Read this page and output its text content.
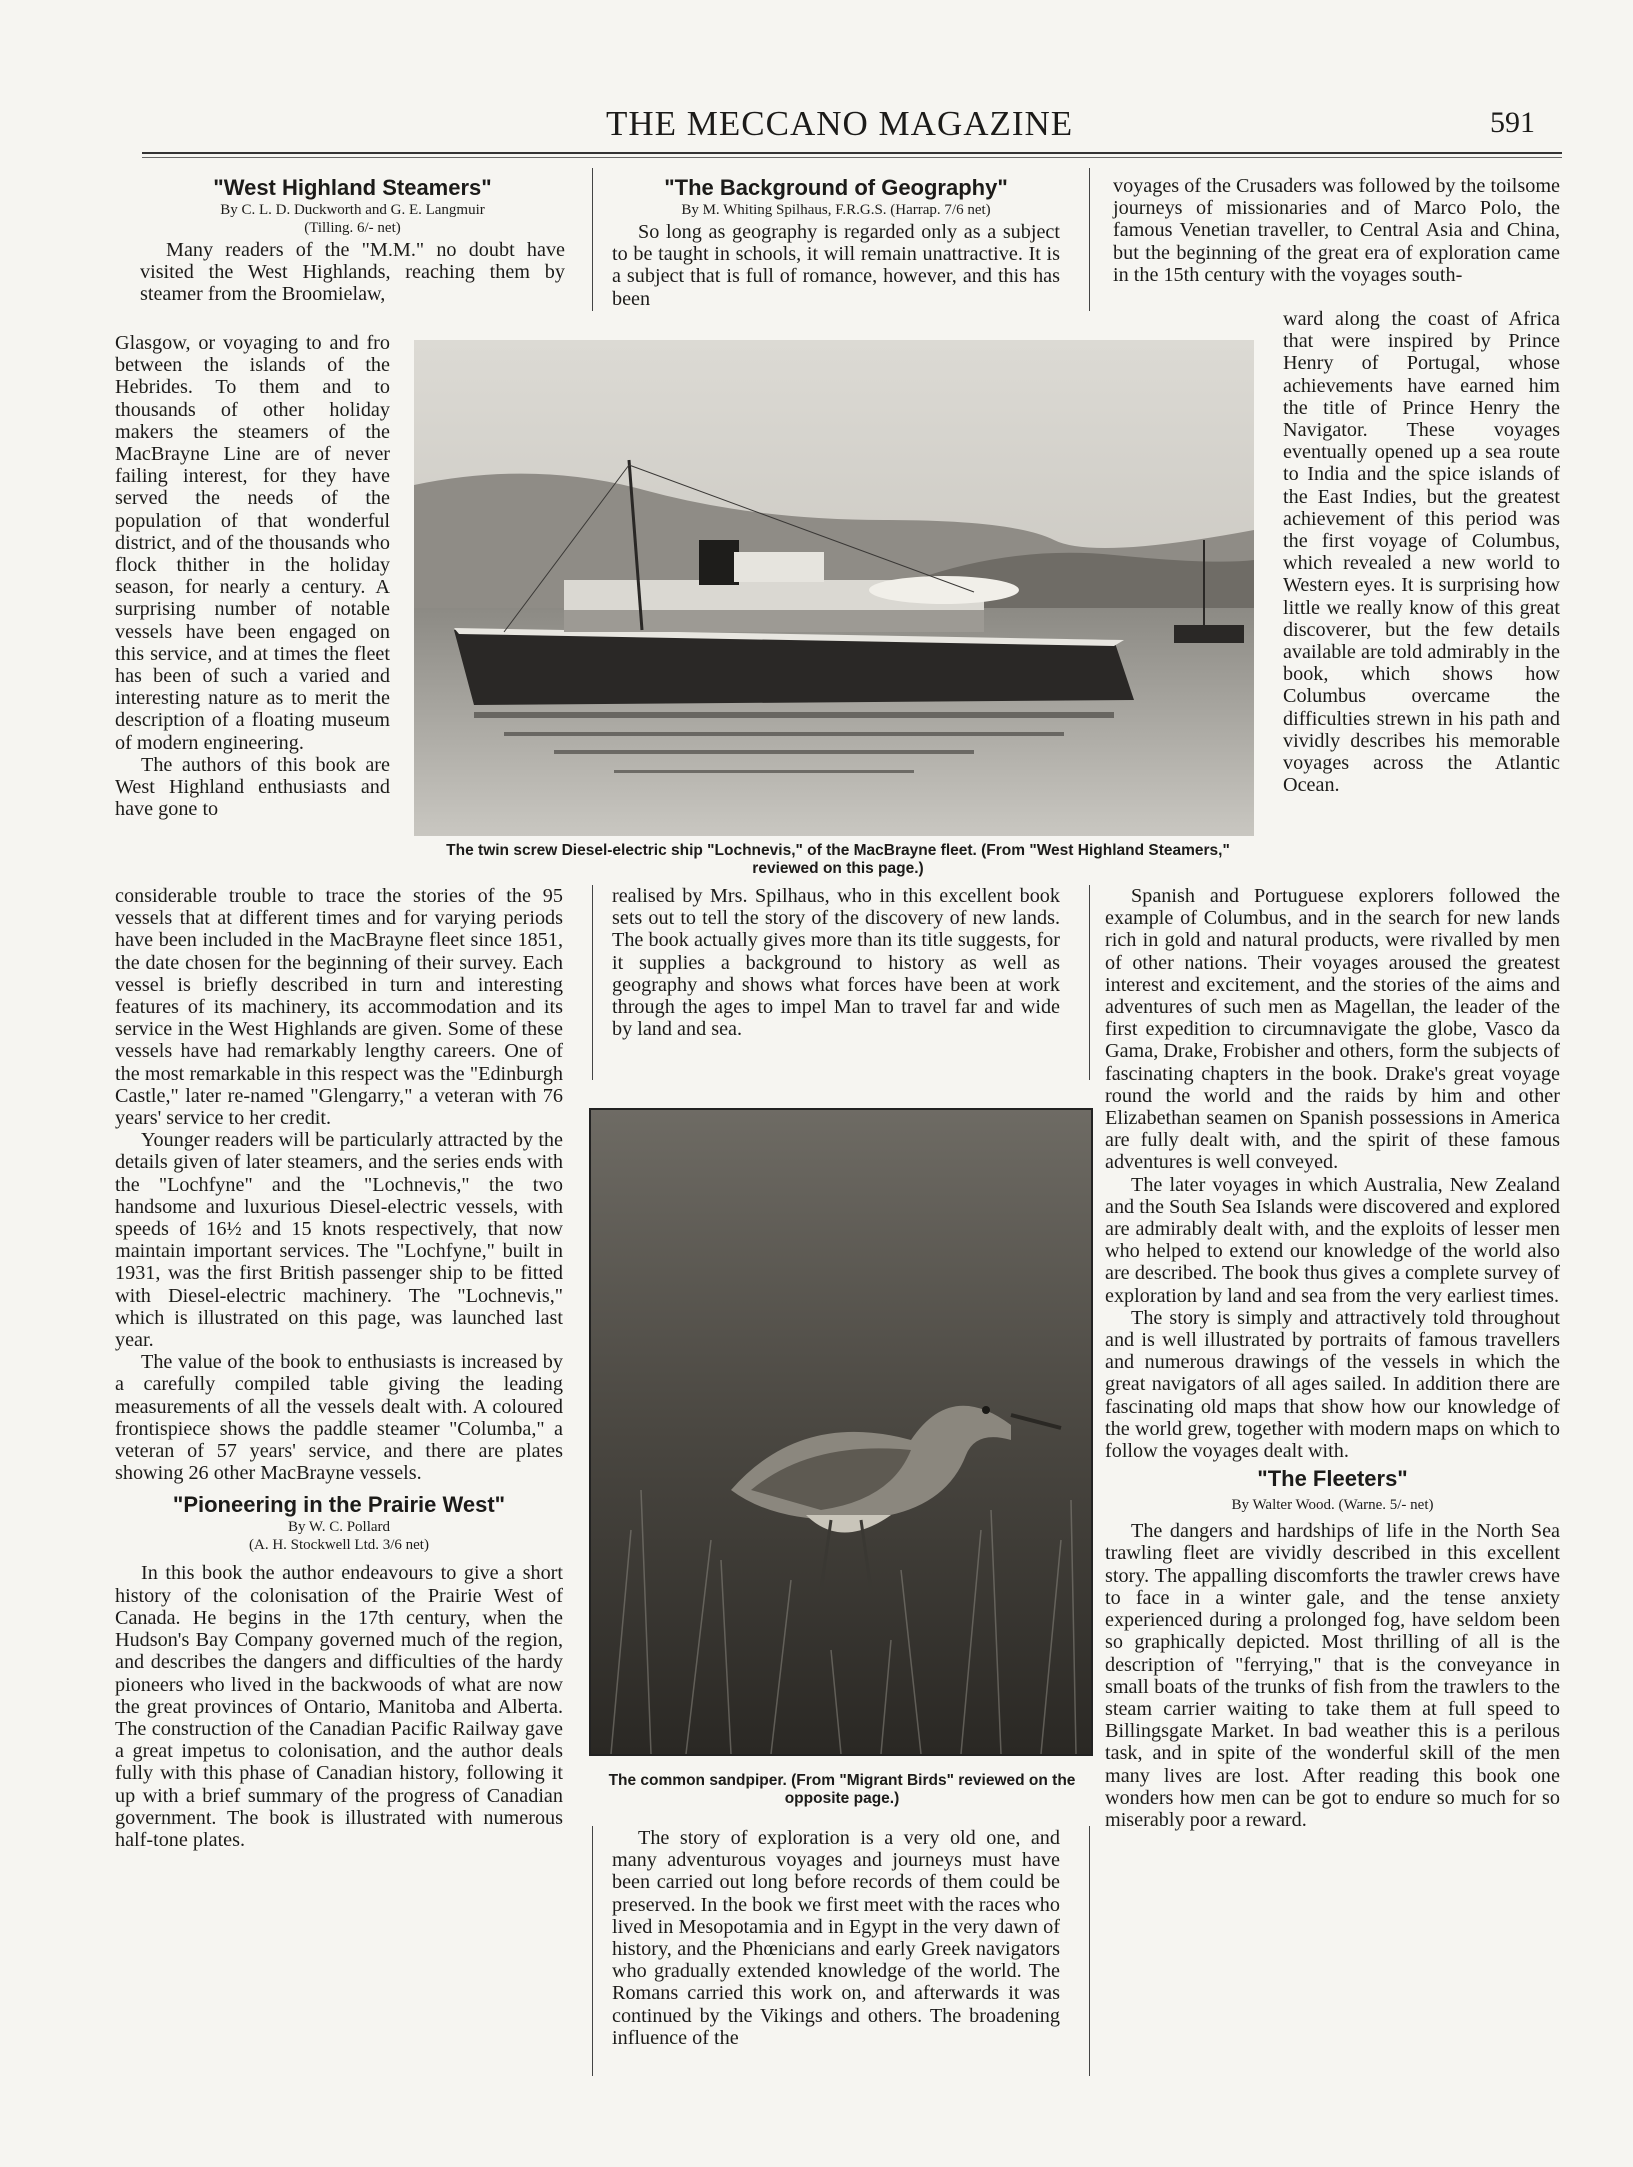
THE MECCANO MAGAZINE	591
"West Highland Steamers"
By C. L. D. Duckworth and G. E. Langmuir
(Tilling. 6/- net)

Many readers of the "M.M." no doubt have visited the West Highlands, reaching them by steamer from the Broomielaw,

Glasgow, or voyaging to and fro between the islands of the Hebrides. To them and to thousands of other holiday makers the steamers of the MacBrayne Line are of never failing interest, for they have served the needs of the population of that wonderful district, and of the thousands who flock thither in the holiday season, for nearly a century. A surprising number of notable vessels have been engaged on this service, and at times the fleet has been of such a varied and interesting nature as to merit the description of a floating museum of modern engineering.

The authors of this book are West Highland enthusiasts and have gone to

considerable trouble to trace the stories of the 95 vessels that at different times and for varying periods have been included in the MacBrayne fleet since 1851, the date chosen for the beginning of their survey. Each vessel is briefly described in turn and interesting features of its machinery, its accommodation and its service in the West Highlands are given. Some of these vessels have had remarkably lengthy careers. One of the most remarkable in this respect was the "Edinburgh Castle," later re-named "Glengarry," a veteran with 76 years' service to her credit.

Younger readers will be particularly attracted by the details given of later steamers, and the series ends with the "Lochfyne" and the "Lochnevis," the two handsome and luxurious Diesel-electric vessels, with speeds of 16½ and 15 knots respectively, that now maintain important services. The "Lochfyne," built in 1931, was the first British passenger ship to be fitted with Diesel-electric machinery. The "Lochnevis," which is illustrated on this page, was launched last year.

The value of the book to enthusiasts is increased by a carefully compiled table giving the leading measurements of all the vessels dealt with. A coloured frontispiece shows the paddle steamer "Columba," a veteran of 57 years' service, and there are plates showing 26 other MacBrayne vessels.

"Pioneering in the Prairie West"
By W. C. Pollard
(A. H. Stockwell Ltd. 3/6 net)

In this book the author endeavours to give a short history of the colonisation of the Prairie West of Canada. He begins in the 17th century, when the Hudson's Bay Company governed much of the region, and describes the dangers and difficulties of the hardy pioneers who lived in the backwoods of what are now the great provinces of Ontario, Manitoba and Alberta. The construction of the Canadian Pacific Railway gave a great impetus to colonisation, and the author deals fully with this phase of Canadian history, following it up with a brief summary of the progress of Canadian government. The book is illustrated with numerous half-tone plates.

"The Background of Geography"
By M. Whiting Spilhaus, F.R.G.S. (Harrap. 7/6 net)

So long as geography is regarded only as a subject to be taught in schools, it will remain unattractive. It is a subject that is full of romance, however, and this has been

The twin screw Diesel-electric ship "Lochnevis," of the MacBrayne fleet. (From "West Highland Steamers," reviewed on this page.)

realised by Mrs. Spilhaus, who in this excellent book sets out to tell the story of the discovery of new lands. The book actually gives more than its title suggests, for it supplies a background to history as well as geography and shows what forces have been at work through the ages to impel Man to travel far and wide by land and sea.

The common sandpiper. (From "Migrant Birds" reviewed on the opposite page.)

The story of exploration is a very old one, and many adventurous voyages and journeys must have been carried out long before records of them could be preserved. In the book we first meet with the races who lived in Mesopotamia and in Egypt in the very dawn of history, and the Phœnicians and early Greek navigators who gradually extended knowledge of the world. The Romans carried this work on, and afterwards it was continued by the Vikings and others. The broadening influence of the

voyages of the Crusaders was followed by the toilsome journeys of missionaries and of Marco Polo, the famous Venetian traveller, to Central Asia and China, but the beginning of the great era of exploration came in the 15th century with the voyages south-

ward along the coast of Africa that were inspired by Prince Henry of Portugal, whose achievements have earned him the title of Prince Henry the Navigator. These voyages eventually opened up a sea route to India and the spice islands of the East Indies, but the greatest achievement of this period was the first voyage of Columbus, which revealed a new world to Western eyes. It is surprising how little we really know of this great discoverer, but the few details available are told admirably in the book, which shows how Columbus overcame the difficulties strewn in his path and vividly describes his memorable voyages across the Atlantic Ocean.

Spanish and Portuguese explorers followed the example of Columbus, and in the search for new lands rich in gold and natural products, were rivalled by men of other nations. Their voyages aroused the greatest interest and excitement, and the stories of the aims and adventures of such men as Magellan, the leader of the first expedition to circumnavigate the globe, Vasco da Gama, Drake, Frobisher and others, form the subjects of fascinating chapters in the book. Drake's great voyage round the world and the raids by him and other Elizabethan seamen on Spanish possessions in America are fully dealt with, and the spirit of these famous adventures is well conveyed.

The later voyages in which Australia, New Zealand and the South Sea Islands were discovered and explored are admirably dealt with, and the exploits of lesser men who helped to extend our knowledge of the world also are described. The book thus gives a complete survey of exploration by land and sea from the very earliest times.

The story is simply and attractively told throughout and is well illustrated by portraits of famous travellers and numerous drawings of the vessels in which the great navigators of all ages sailed. In addition there are fascinating old maps that show how our knowledge of the world grew, together with modern maps on which to follow the voyages dealt with.

"The Fleeters"
By Walter Wood. (Warne. 5/- net)

The dangers and hardships of life in the North Sea trawling fleet are vividly described in this excellent story. The appalling discomforts the trawler crews have to face in a winter gale, and the tense anxiety experienced during a prolonged fog, have seldom been so graphically depicted. Most thrilling of all is the description of "ferrying," that is the conveyance in small boats of the trunks of fish from the trawlers to the steam carrier waiting to take them at full speed to Billingsgate Market. In bad weather this is a perilous task, and in spite of the wonderful skill of the men many lives are lost. After reading this book one wonders how men can be got to endure so much for so miserably poor a reward.
